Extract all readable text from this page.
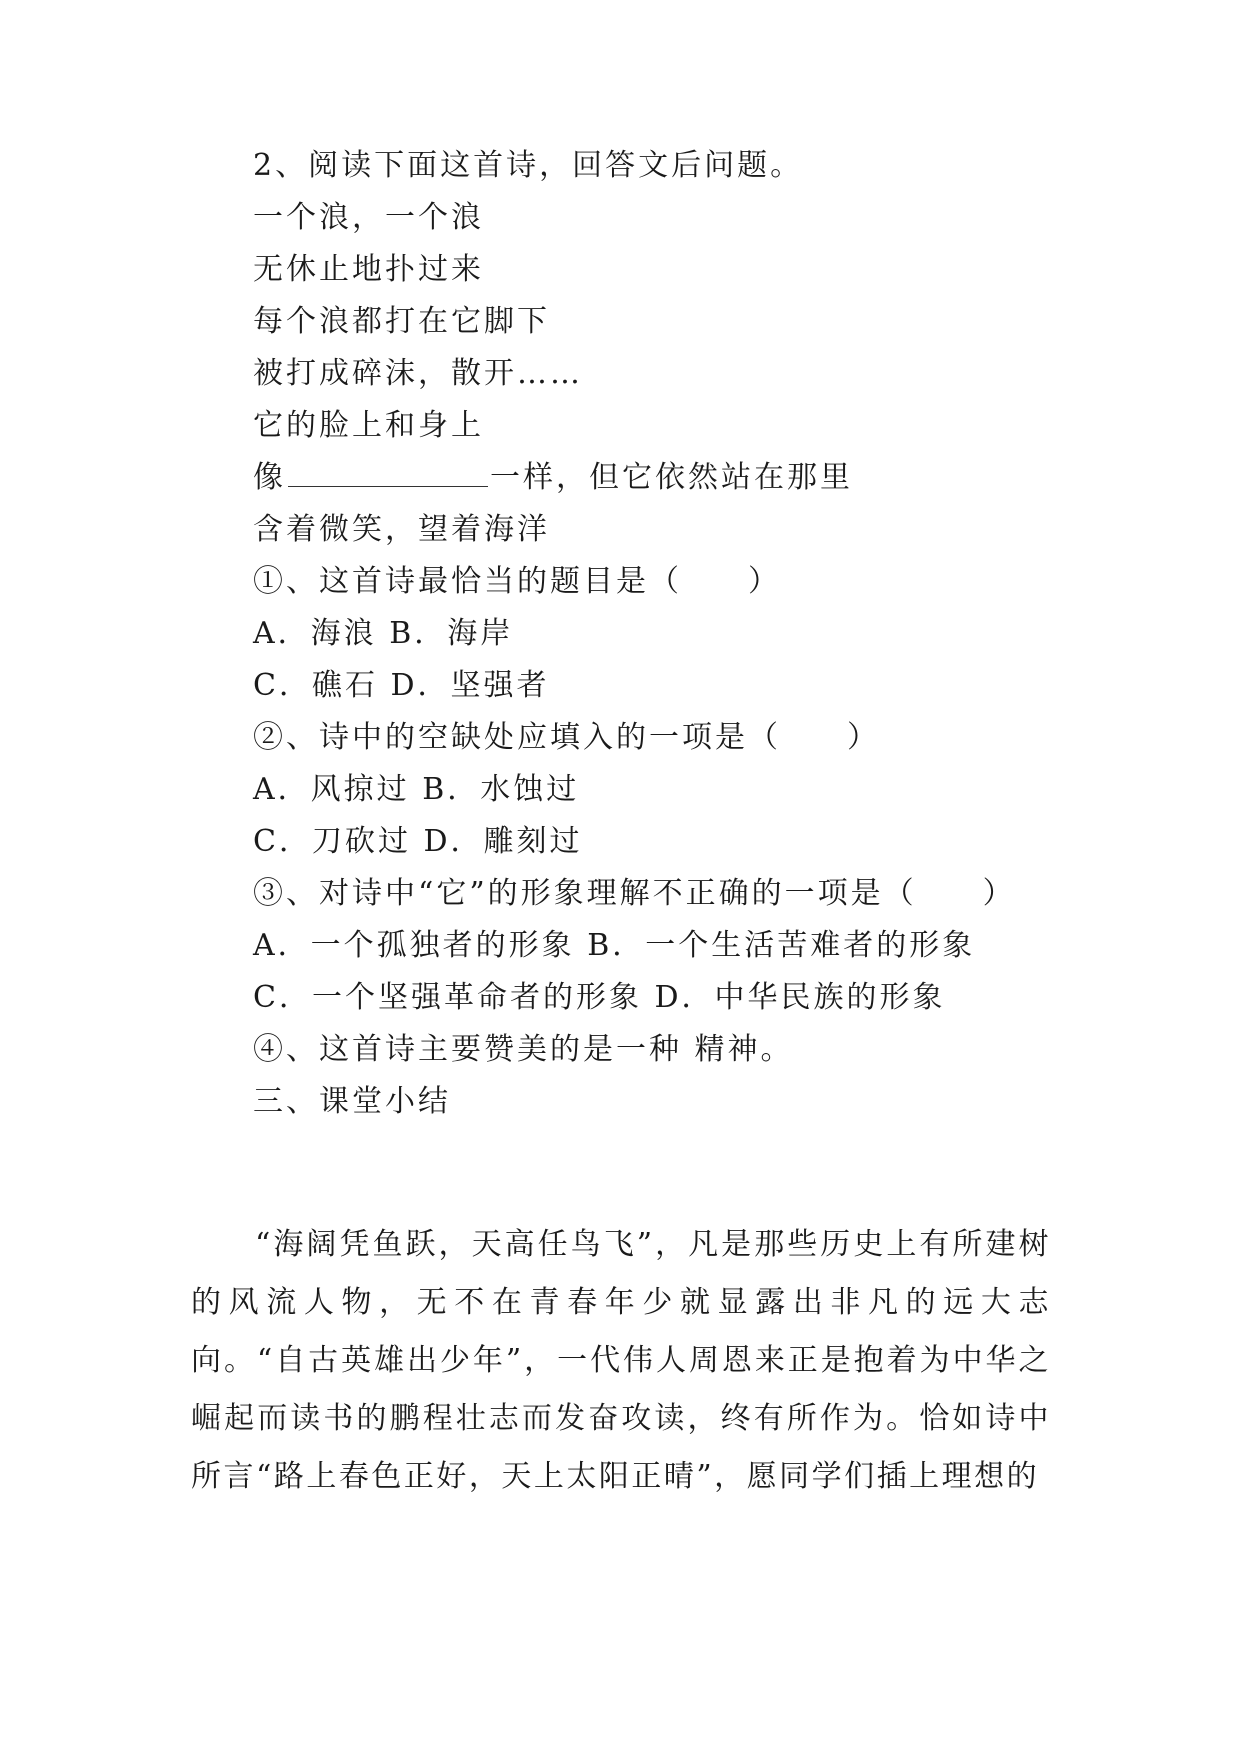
2、阅读下面这首诗，回答文后问题。
一个浪，一个浪
无休止地扑过来
每个浪都打在它脚下
被打成碎沫，散开……
它的脸上和身上
像	一样，但它依然站在那里
含着微笑，望着海洋
①、这首诗最恰当的题目是（　　）
A．海浪 B．海岸
C．礁石 D．坚强者
②、诗中的空缺处应填入的一项是（　　）
A．风掠过 B．水蚀过
C．刀砍过 D．雕刻过
③、对诗中“它”的形象理解不正确的一项是（　　）
A．一个孤独者的形象 B．一个生活苦难者的形象
C．一个坚强革命者的形象 D．中华民族的形象
④、这首诗主要赞美的是一种 精神。
三、课堂小结
“海阔凭鱼跃，天高任鸟飞”，凡是那些历史上有所建树的风流人物，无不在青春年少就显露出非凡的远大志向。“自古英雄出少年”，一代伟人周恩来正是抱着为中华之崛起而读书的鹏程壮志而发奋攻读，终有所作为。恰如诗中所言“路上春色正好，天上太阳正晴”，愿同学们插上理想的
